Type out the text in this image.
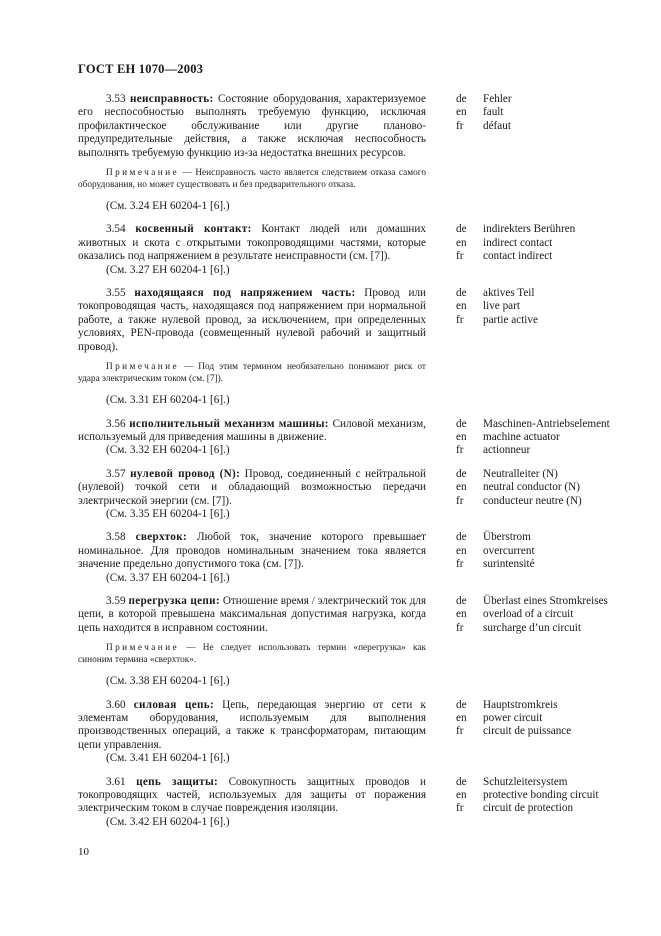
ГОСТ ЕН 1070—2003

3.53 неисправность: Состояние оборудования, характеризуемое его неспособностью выполнять требуемую функцию, исключая профилактическое обслуживание или другие планово-предупредительные действия, а также исключая неспособность выполнять требуемую функцию из-за недостатка внешних ресурсов.

Примечание — Неисправность часто является следствием отказа самого оборудования, но может существовать и без предварительного отказа.

(См. 3.24 ЕН 60204-1 [6].)

de	Fehler
en	fault
fr	défaut

3.54 косвенный контакт: Контакт людей или домашних животных и скота с открытыми токопроводящими частями, которые оказались под напряжением в результате неисправности (см. [7]).

(См. 3.27 ЕН 60204-1 [6].)

de	indirekters Berühren
en	indirect contact
fr	contact indirect

3.55 находящаяся под напряжением часть: Провод или токопроводящая часть, находящаяся под напряжением при нормальной работе, а также нулевой провод, за исключением, при определенных условиях, PEN-провода (совмещенный нулевой рабочий и защитный провод).

Примечание — Под этим термином необязательно понимают риск от удара электрическим током (см. [7]).

(См. 3.31 ЕН 60204-1 [6].)

de	aktives Teil
en	live part
fr	partie active

3.56 исполнительный механизм машины: Силовой механизм, используемый для приведения машины в движение.

(См. 3.32 ЕН 60204-1 [6].)

de	Maschinen-Antriebselement
en	machine actuator
fr	actionneur

3.57 нулевой провод (N): Провод, соединенный с нейтральной (нулевой) точкой сети и обладающий возможностью передачи электрической энергии (см. [7]).

(См. 3.35 ЕН 60204-1 [6].)

de	Neutralleiter (N)
en	neutral conductor (N)
fr	conducteur neutre (N)

3.58 сверхток: Любой ток, значение которого превышает номинальное. Для проводов номинальным значением тока является значение предельно допустимого тока (см. [7]).

(См. 3.37 ЕН 60204-1 [6].)

de	Überstrom
en	overcurrent
fr	surintensité

3.59 перегрузка цепи: Отношение время / электрический ток для цепи, в которой превышена максимальная допустимая нагрузка, когда цепь находится в исправном состоянии.

Примечание — Не следует использовать термин «перегрузка» как синоним термина «сверхток».

(См. 3.38 ЕН 60204-1 [6].)

de	Überlast eines Stromkreises
en	overload of a circuit
fr	surcharge d’un circuit

3.60 силовая цепь: Цепь, передающая энергию от сети к элементам оборудования, используемым для выполнения производственных операций, а также к трансформаторам, питающим цепи управления.

(См. 3.41 ЕН 60204-1 [6].)

de	Hauptstromkreis
en	power circuit
fr	circuit de puissance

3.61 цепь защиты: Совокупность защитных проводов и токопроводящих частей, используемых для защиты от поражения электрическим током в случае повреждения изоляции.

(См. 3.42 ЕН 60204-1 [6].)

de	Schutzleitersystem
en	protective bonding circuit
fr	circuit de protection
10
